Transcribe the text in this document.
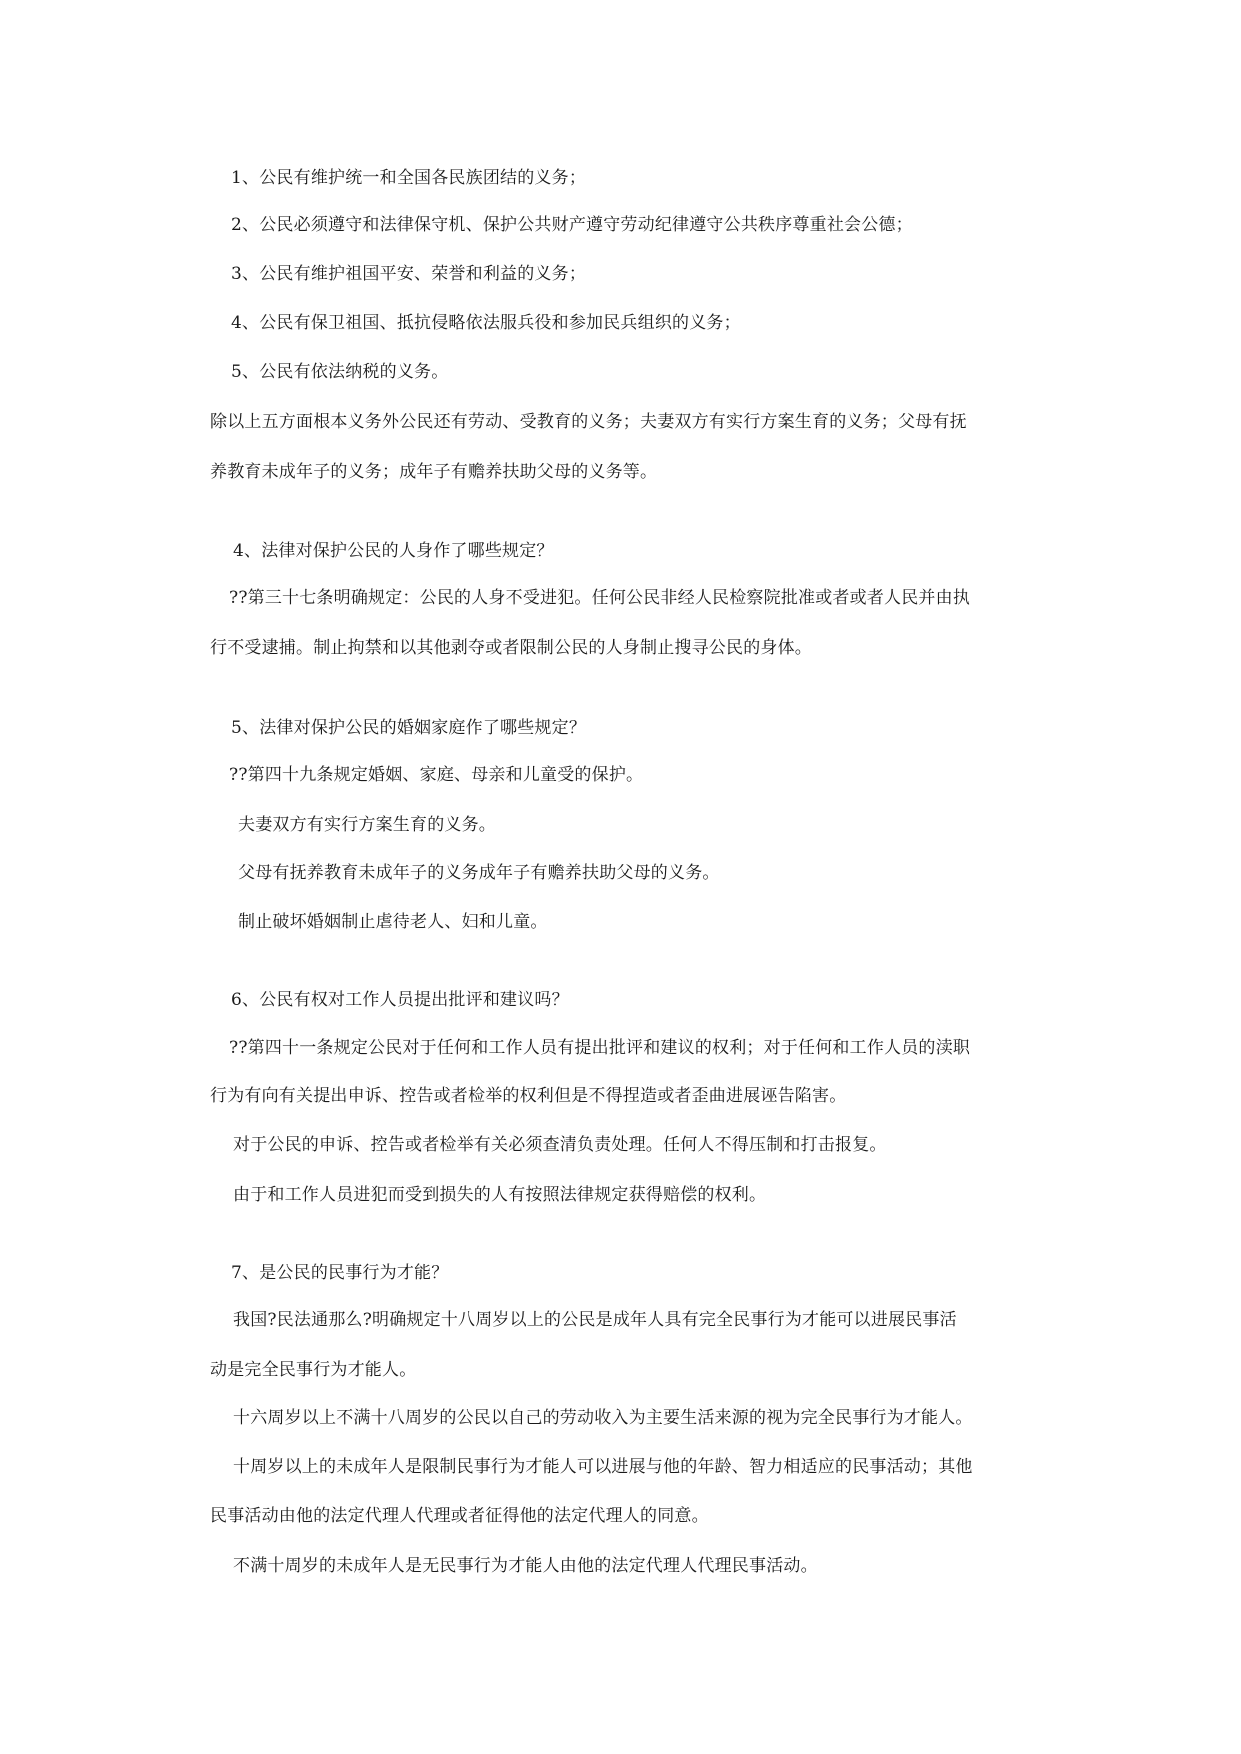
1、公民有维护统一和全国各民族团结的义务；
2、公民必须遵守和法律保守机、保护公共财产遵守劳动纪律遵守公共秩序尊重社会公德；
3、公民有维护祖国平安、荣誉和利益的义务；
4、公民有保卫祖国、抵抗侵略依法服兵役和参加民兵组织的义务；
5、公民有依法纳税的义务。
除以上五方面根本义务外公民还有劳动、受教育的义务；夫妻双方有实行方案生育的义务；父母有抚
养教育未成年子的义务；成年子有赡养扶助父母的义务等。
4、法律对保护公民的人身作了哪些规定？
??第三十七条明确规定：公民的人身不受进犯。任何公民非经人民检察院批准或者或者人民并由执
行不受逮捕。制止拘禁和以其他剥夺或者限制公民的人身制止搜寻公民的身体。
5、法律对保护公民的婚姻家庭作了哪些规定？
??第四十九条规定婚姻、家庭、母亲和儿童受的保护。
夫妻双方有实行方案生育的义务。
父母有抚养教育未成年子的义务成年子有赡养扶助父母的义务。
制止破坏婚姻制止虐待老人、妇和儿童。
6、公民有权对工作人员提出批评和建议吗？
??第四十一条规定公民对于任何和工作人员有提出批评和建议的权利；对于任何和工作人员的渎职
行为有向有关提出申诉、控告或者检举的权利但是不得捏造或者歪曲进展诬告陷害。
对于公民的申诉、控告或者检举有关必须查清负责处理。任何人不得压制和打击报复。
由于和工作人员进犯而受到损失的人有按照法律规定获得赔偿的权利。
7、是公民的民事行为才能？
我国?民法通那么?明确规定十八周岁以上的公民是成年人具有完全民事行为才能可以进展民事活
动是完全民事行为才能人。
十六周岁以上不满十八周岁的公民以自己的劳动收入为主要生活来源的视为完全民事行为才能人。
十周岁以上的未成年人是限制民事行为才能人可以进展与他的年龄、智力相适应的民事活动；其他
民事活动由他的法定代理人代理或者征得他的法定代理人的同意。
不满十周岁的未成年人是无民事行为才能人由他的法定代理人代理民事活动。
